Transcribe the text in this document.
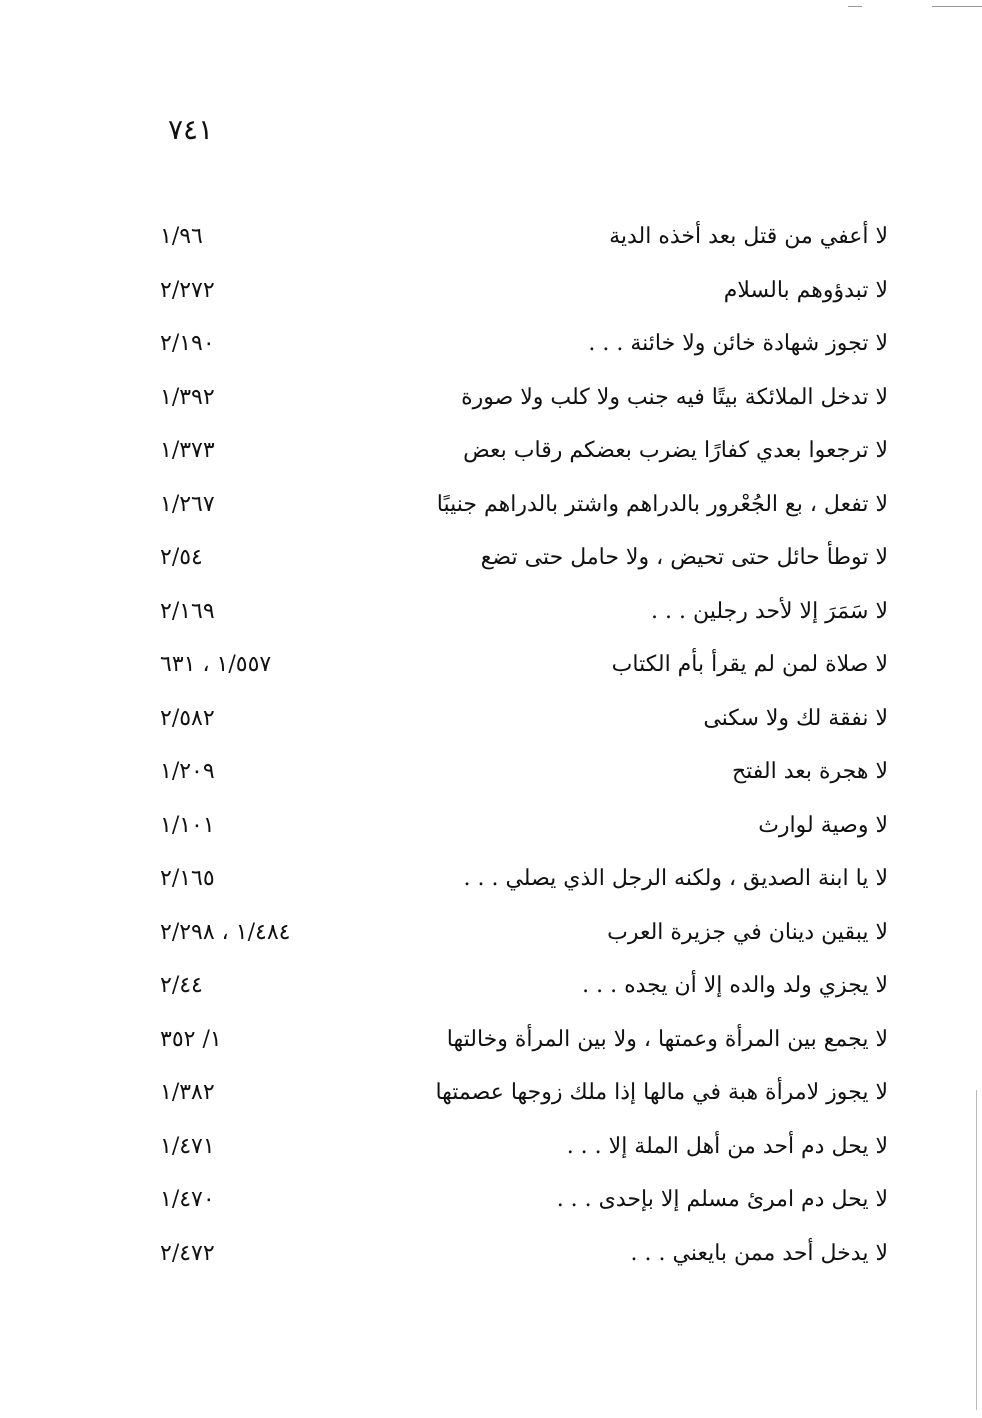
٧٤١
لا أعفي من قتل بعد أخذه الدية
١/٩٦
لا تبدؤوهم بالسلام
٢/٢٧٢
لا تجوز شهادة خائن ولا خائنة . . .
٢/١٩٠
لا تدخل الملائكة بيتًا فيه جنب ولا كلب ولا صورة
١/٣٩٢
لا ترجعوا بعدي كفارًا يضرب بعضكم رقاب بعض
١/٣٧٣
لا تفعل ، بع الجُعْرور بالدراهم واشتر بالدراهم جنيبًا
١/٢٦٧
لا توطأ حائل حتى تحيض ، ولا حامل حتى تضع
٢/٥٤
لا سَمَرَ إلا لأحد رجلين . . .
٢/١٦٩
لا صلاة لمن لم يقرأ بأم الكتاب
١/٥٥٧ ، ٦٣١
لا نفقة لك ولا سكنى
٢/٥٨٢
لا هجرة بعد الفتح
١/٢٠٩
لا وصية لوارث
١/١٠١
لا يا ابنة الصديق ، ولكنه الرجل الذي يصلي . . .
٢/١٦٥
لا يبقين دينان في جزيرة العرب
١/٤٨٤ ، ٢/٢٩٨
لا يجزي ولد والده إلا أن يجده . . .
٢/٤٤
لا يجمع بين المرأة وعمتها ، ولا بين المرأة وخالتها
١/ ٣٥٢
لا يجوز لامرأة هبة في مالها إذا ملك زوجها عصمتها
١/٣٨٢
لا يحل دم أحد من أهل الملة إلا . . .
١/٤٧١
لا يحل دم امرئ مسلم إلا بإحدى . . .
١/٤٧٠
لا يدخل أحد ممن بايعني . . .
٢/٤٧٢
